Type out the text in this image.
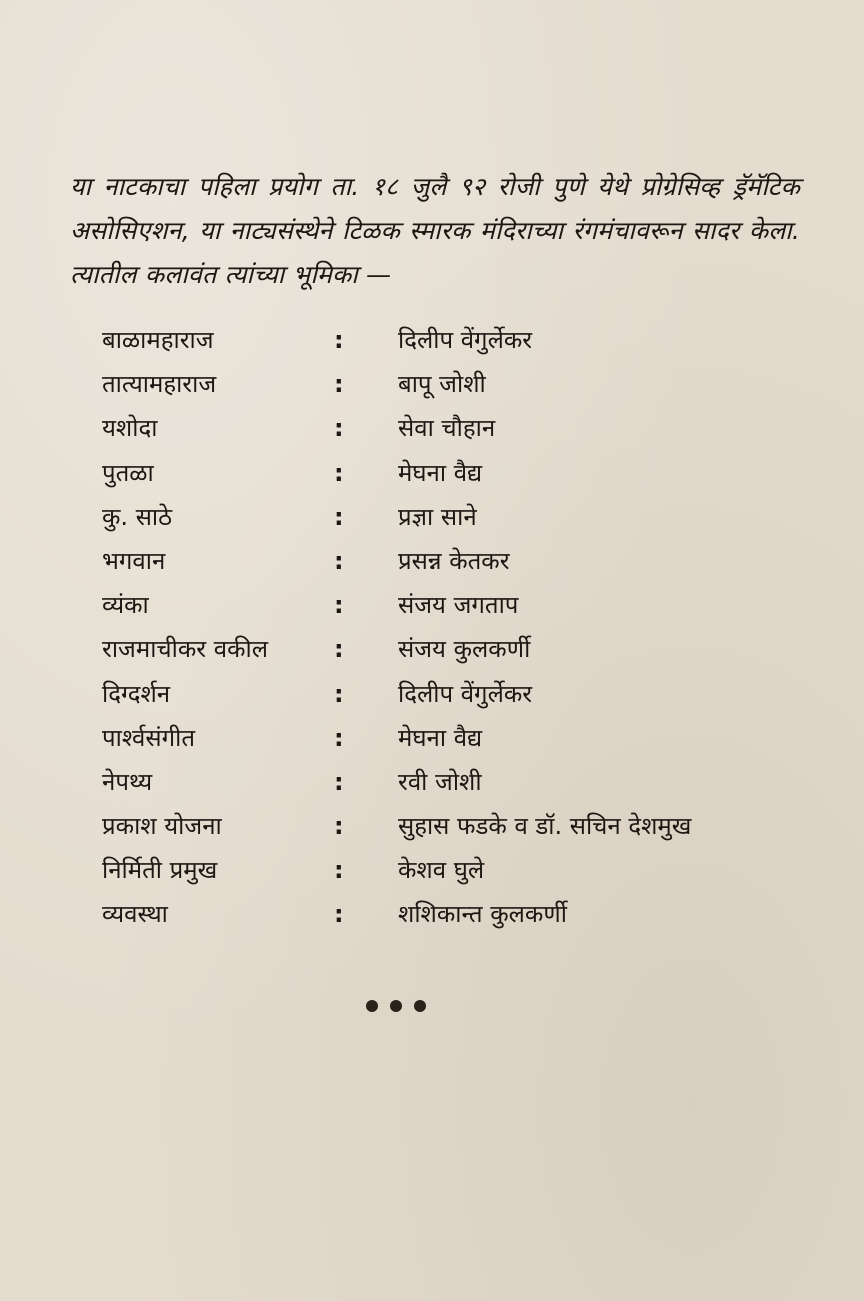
या नाटकाचा पहिला प्रयोग ता. १८ जुलै ९२ रोजी पुणे येथे प्रोग्रेसिव्ह ड्रॅमॅटिक असोसिएशन, या नाट्यसंस्थेने टिळक स्मारक मंदिराच्या रंगमंचावरून सादर केला. त्यातील कलावंत त्यांच्या भूमिका —

बाळामहाराज	: दिलीप वेंगुर्लेकर
तात्यामहाराज	: बापू जोशी
यशोदा	: सेवा चौहान
पुतळा	: मेघना वैद्य
कु. साठे	: प्रज्ञा साने
भगवान	: प्रसन्न केतकर
व्यंका	: संजय जगताप
राजमाचीकर वकील	: संजय कुलकर्णी
दिग्दर्शन	: दिलीप वेंगुर्लेकर
पार्श्वसंगीत	: मेघना वैद्य
नेपथ्य	: रवी जोशी
प्रकाश योजना	: सुहास फडके व डॉ. सचिन देशमुख
निर्मिती प्रमुख	: केशव घुले
व्यवस्था	: शशिकान्त कुलकर्णी
